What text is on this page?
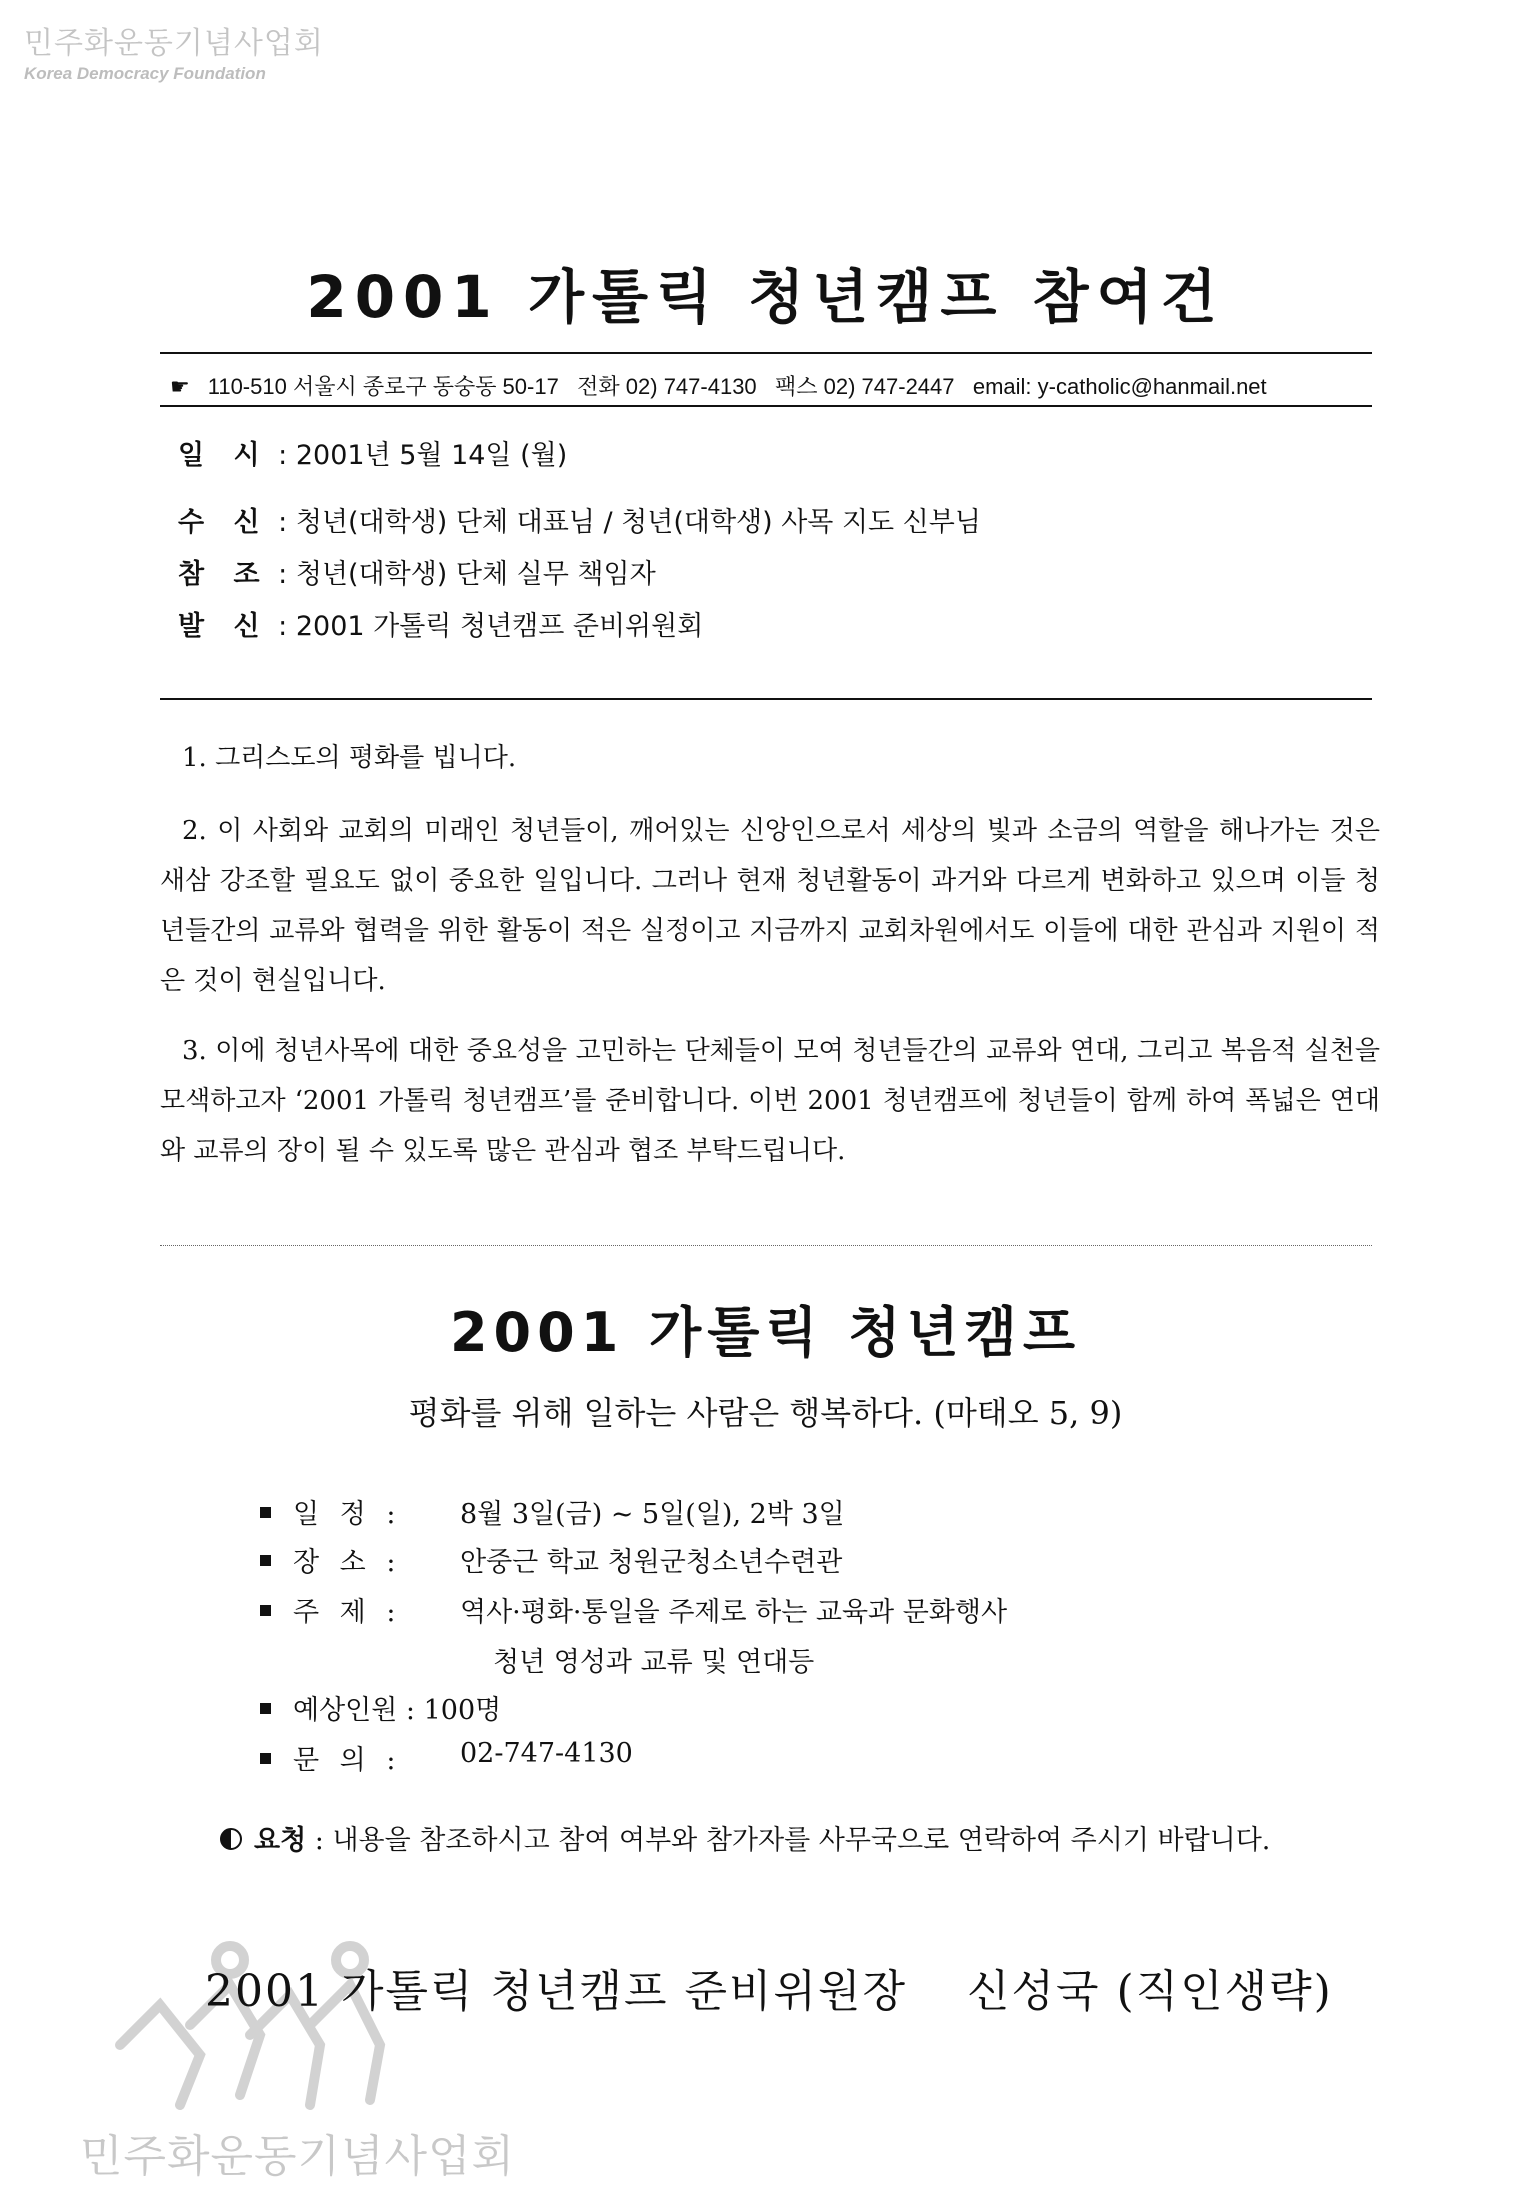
민주화운동기념사업회
Korea Democracy Foundation
2001 가톨릭 청년캠프 참여건
☛ 110-510 서울시 종로구 동숭동 50-17 전화 02) 747-4130 팩스 02) 747-2447 email: y-catholic@hanmail.net
일 시 : 2001년 5월 14일 (월)
수 신 : 청년(대학생) 단체 대표님 / 청년(대학생) 사목 지도 신부님
참 조 : 청년(대학생) 단체 실무 책임자
발 신 : 2001 가톨릭 청년캠프 준비위원회
1. 그리스도의 평화를 빕니다.
2. 이 사회와 교회의 미래인 청년들이, 깨어있는 신앙인으로서 세상의 빛과 소금의 역할을 해나가는 것은 새삼 강조할 필요도 없이 중요한 일입니다. 그러나 현재 청년활동이 과거와 다르게 변화하고 있으며 이들 청년들간의 교류와 협력을 위한 활동이 적은 실정이고 지금까지 교회차원에서도 이들에 대한 관심과 지원이 적은 것이 현실입니다.
3. 이에 청년사목에 대한 중요성을 고민하는 단체들이 모여 청년들간의 교류와 연대, 그리고 복음적 실천을 모색하고자 ‘2001 가톨릭 청년캠프’를 준비합니다. 이번 2001 청년캠프에 청년들이 함께 하여 폭넓은 연대와 교류의 장이 될 수 있도록 많은 관심과 협조 부탁드립니다.
2001 가톨릭 청년캠프
평화를 위해 일하는 사람은 행복하다. (마태오 5, 9)
일 정 : 8월 3일(금) ~ 5일(일), 2박 3일
장 소 : 안중근 학교 청원군청소년수련관
주 제 : 역사·평화·통일을 주제로 하는 교육과 문화행사
청년 영성과 교류 및 연대등
예상인원 : 100명
문 의 : 02-747-4130
요청 : 내용을 참조하시고 참여 여부와 참가자를 사무국으로 연락하여 주시기 바랍니다.
민주화운동기념사업회
2001 가톨릭 청년캠프 준비위원장 신성국 (직인생략)
